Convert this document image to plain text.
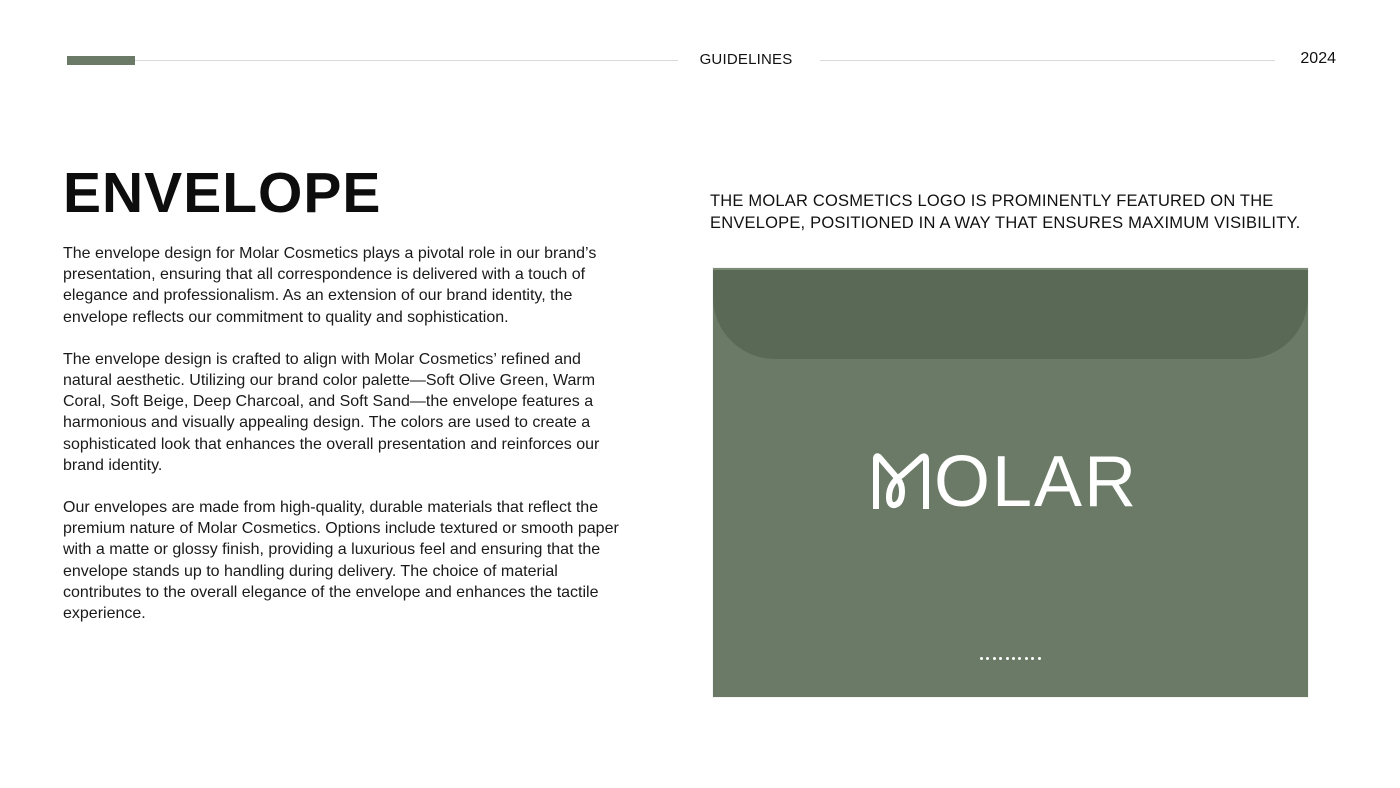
GUIDELINES	2024
ENVELOPE

The envelope design for Molar Cosmetics plays a pivotal role in our brand’s presentation, ensuring that all correspondence is delivered with a touch of elegance and professionalism. As an extension of our brand identity, the envelope reflects our commitment to quality and sophistication.

The envelope design is crafted to align with Molar Cosmetics’ refined and natural aesthetic. Utilizing our brand color palette—Soft Olive Green, Warm Coral, Soft Beige, Deep Charcoal, and Soft Sand—the envelope features a harmonious and visually appealing design. The colors are used to create a sophisticated look that enhances the overall presentation and reinforces our brand identity.

Our envelopes are made from high-quality, durable materials that reflect the premium nature of Molar Cosmetics. Options include textured or smooth paper with a matte or glossy finish, providing a luxurious feel and ensuring that the envelope stands up to handling during delivery. The choice of material contributes to the overall elegance of the envelope and enhances the tactile experience.

THE MOLAR COSMETICS LOGO IS PROMINENTLY FEATURED ON THE ENVELOPE, POSITIONED IN A WAY THAT ENSURES MAXIMUM VISIBILITY.

OLAR
